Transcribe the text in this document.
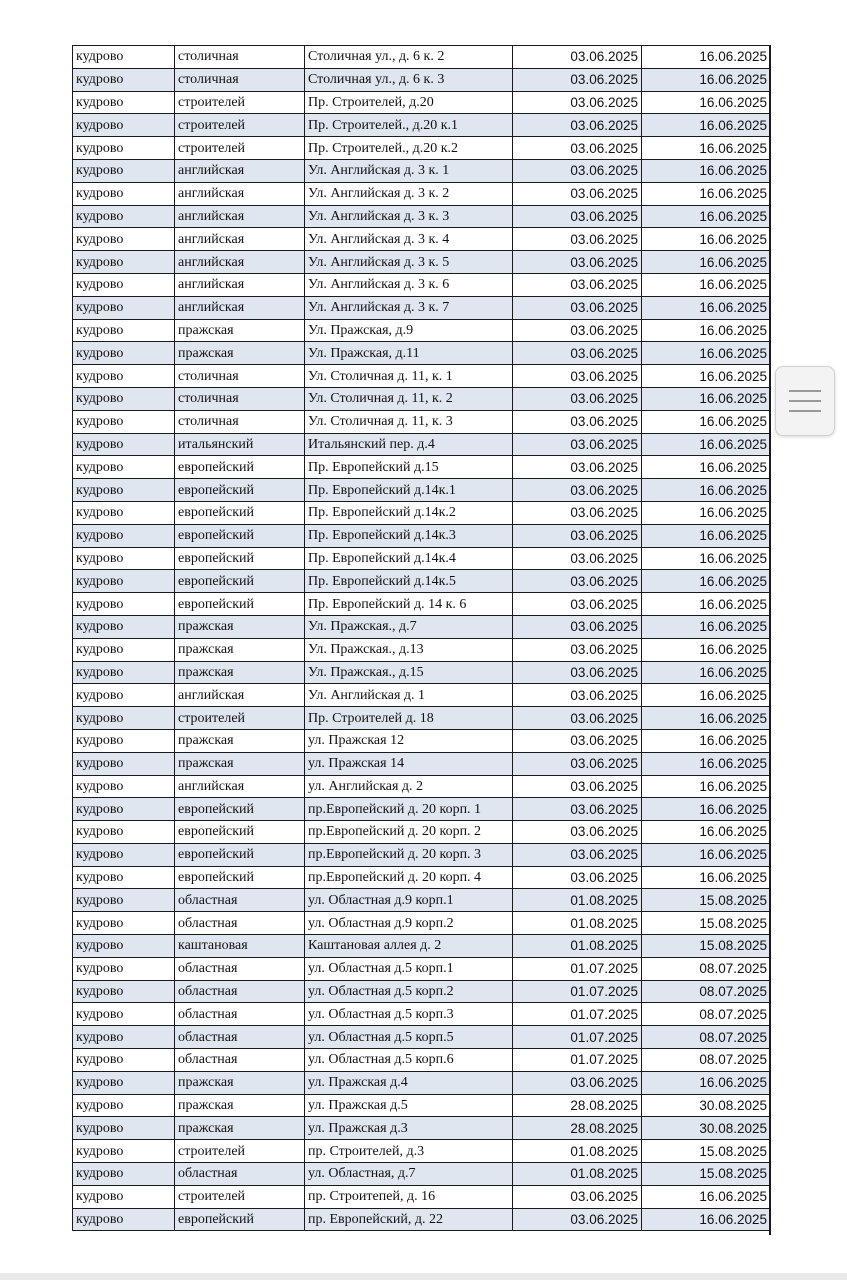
кудрово	столичная	Столичная ул., д. 6 к. 2	03.06.2025	16.06.2025
кудрово	столичная	Столичная ул., д. 6 к. 3	03.06.2025	16.06.2025
кудрово	строителей	Пр. Строителей, д.20	03.06.2025	16.06.2025
кудрово	строителей	Пр. Строителей., д.20 к.1	03.06.2025	16.06.2025
кудрово	строителей	Пр. Строителей., д.20 к.2	03.06.2025	16.06.2025
кудрово	английская	Ул. Английская д. 3 к. 1	03.06.2025	16.06.2025
кудрово	английская	Ул. Английская д. 3 к. 2	03.06.2025	16.06.2025
кудрово	английская	Ул. Английская д. 3 к. 3	03.06.2025	16.06.2025
кудрово	английская	Ул. Английская д. 3 к. 4	03.06.2025	16.06.2025
кудрово	английская	Ул. Английская д. 3 к. 5	03.06.2025	16.06.2025
кудрово	английская	Ул. Английская д. 3 к. 6	03.06.2025	16.06.2025
кудрово	английская	Ул. Английская д. 3 к. 7	03.06.2025	16.06.2025
кудрово	пражская	Ул. Пражская, д.9	03.06.2025	16.06.2025
кудрово	пражская	Ул. Пражская, д.11	03.06.2025	16.06.2025
кудрово	столичная	Ул. Столичная д. 11, к. 1	03.06.2025	16.06.2025
кудрово	столичная	Ул. Столичная д. 11, к. 2	03.06.2025	16.06.2025
кудрово	столичная	Ул. Столичная д. 11, к. 3	03.06.2025	16.06.2025
кудрово	итальянский	Итальянский пер. д.4	03.06.2025	16.06.2025
кудрово	европейский	Пр. Европейский д.15	03.06.2025	16.06.2025
кудрово	европейский	Пр. Европейский д.14к.1	03.06.2025	16.06.2025
кудрово	европейский	Пр. Европейский д.14к.2	03.06.2025	16.06.2025
кудрово	европейский	Пр. Европейский д.14к.3	03.06.2025	16.06.2025
кудрово	европейский	Пр. Европейский д.14к.4	03.06.2025	16.06.2025
кудрово	европейский	Пр. Европейский д.14к.5	03.06.2025	16.06.2025
кудрово	европейский	Пр. Европейский д. 14 к. 6	03.06.2025	16.06.2025
кудрово	пражская	Ул. Пражская., д.7	03.06.2025	16.06.2025
кудрово	пражская	Ул. Пражская., д.13	03.06.2025	16.06.2025
кудрово	пражская	Ул. Пражская., д.15	03.06.2025	16.06.2025
кудрово	английская	Ул. Английская д. 1	03.06.2025	16.06.2025
кудрово	строителей	Пр. Строителей д. 18	03.06.2025	16.06.2025
кудрово	пражская	ул. Пражская 12	03.06.2025	16.06.2025
кудрово	пражская	ул. Пражская 14	03.06.2025	16.06.2025
кудрово	английская	ул. Английская д. 2	03.06.2025	16.06.2025
кудрово	европейский	пр.Европейский д. 20 корп. 1	03.06.2025	16.06.2025
кудрово	европейский	пр.Европейский д. 20 корп. 2	03.06.2025	16.06.2025
кудрово	европейский	пр.Европейский д. 20 корп. 3	03.06.2025	16.06.2025
кудрово	европейский	пр.Европейский д. 20 корп. 4	03.06.2025	16.06.2025
кудрово	областная	ул. Областная д.9 корп.1	01.08.2025	15.08.2025
кудрово	областная	ул. Областная д.9 корп.2	01.08.2025	15.08.2025
кудрово	каштановая	Каштановая аллея д. 2	01.08.2025	15.08.2025
кудрово	областная	ул. Областная д.5 корп.1	01.07.2025	08.07.2025
кудрово	областная	ул. Областная д.5 корп.2	01.07.2025	08.07.2025
кудрово	областная	ул. Областная д.5 корп.3	01.07.2025	08.07.2025
кудрово	областная	ул. Областная д.5 корп.5	01.07.2025	08.07.2025
кудрово	областная	ул. Областная д.5 корп.6	01.07.2025	08.07.2025
кудрово	пражская	ул. Пражская д.4	03.06.2025	16.06.2025
кудрово	пражская	ул. Пражская д.5	28.08.2025	30.08.2025
кудрово	пражская	ул. Пражская д.3	28.08.2025	30.08.2025
кудрово	строителей	пр. Строителей, д.3	01.08.2025	15.08.2025
кудрово	областная	ул. Областная, д.7	01.08.2025	15.08.2025
кудрово	строителей	пр. Строитепей, д. 16	03.06.2025	16.06.2025
кудрово	европейский	пр. Европейский, д. 22	03.06.2025	16.06.2025
